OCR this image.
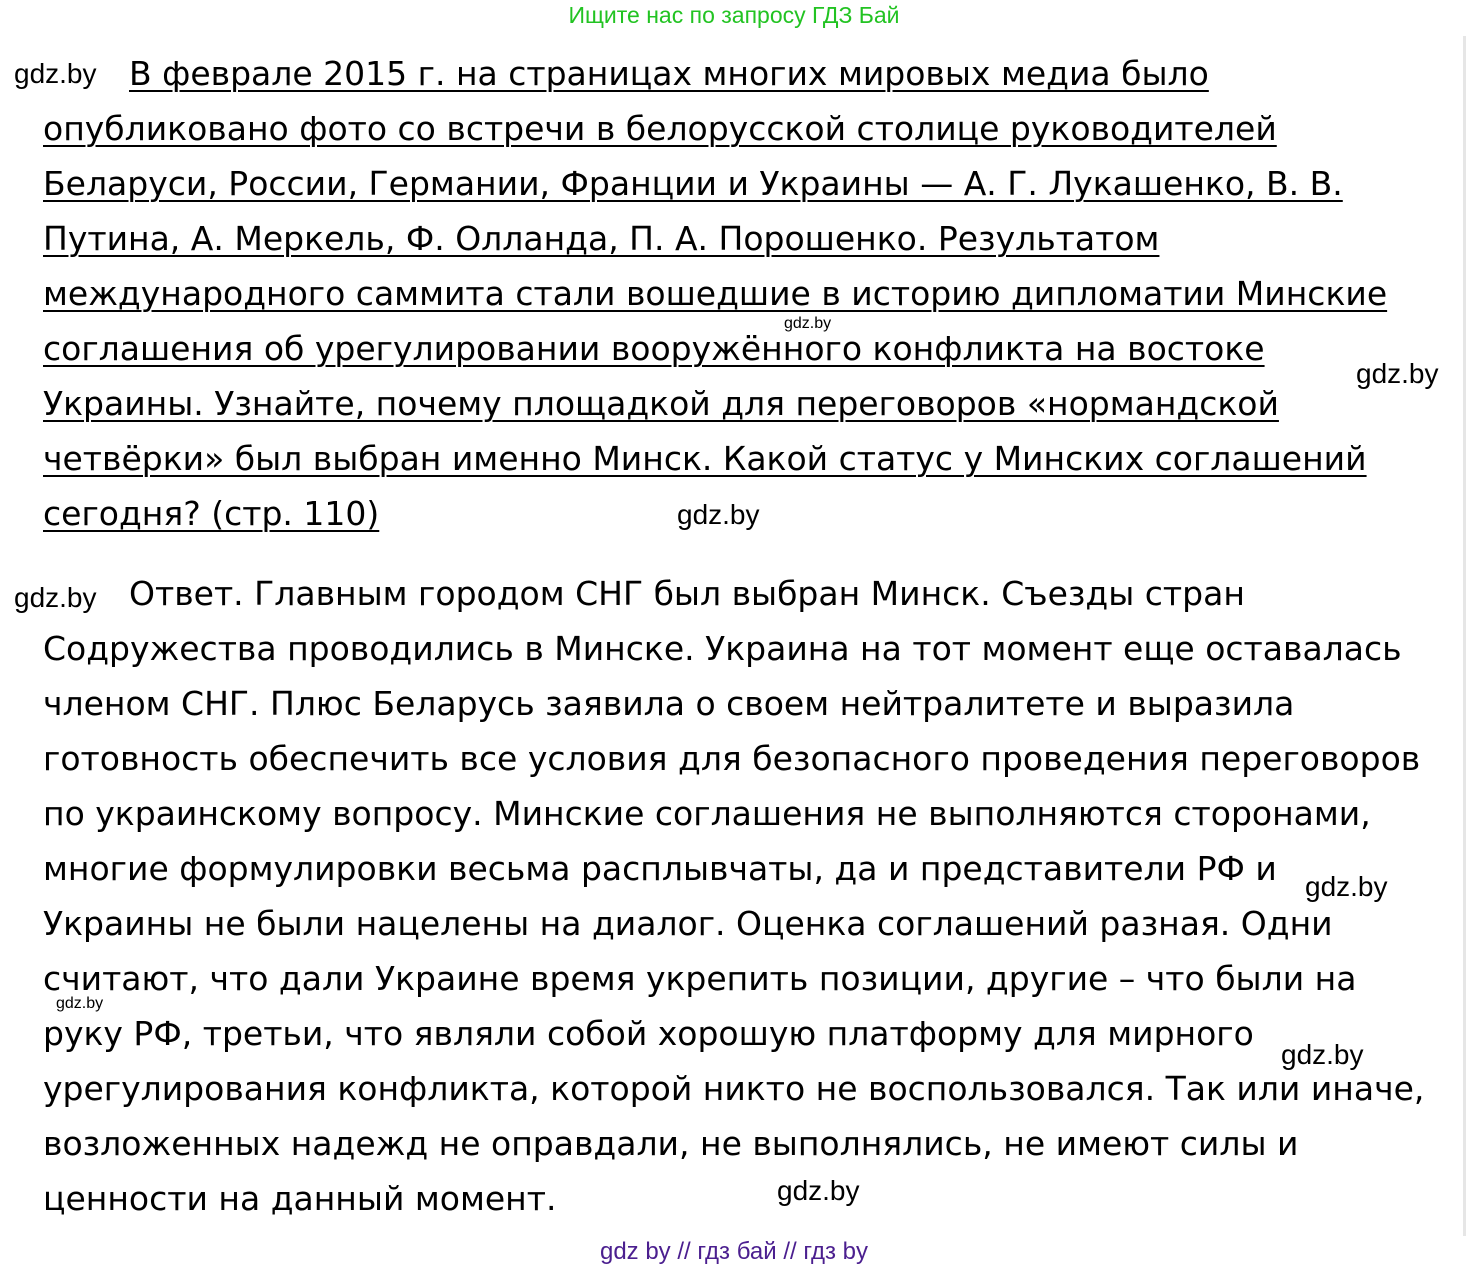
Ищите нас по запросу ГДЗ Бай
В феврале 2015 г. на страницах многих мировых медиа было
опубликовано фото со встречи в белорусской столице руководителей
Беларуси, России, Германии, Франции и Украины — А. Г. Лукашенко, В. В.
Путина, А. Меркель, Ф. Олланда, П. А. Порошенко. Результатом
международного саммита стали вошедшие в историю дипломатии Минские
соглашения об урегулировании вооружённого конфликта на востоке
Украины. Узнайте, почему площадкой для переговоров «нормандской
четвёрки» был выбран именно Минск. Какой статус у Минских соглашений
сегодня? (стр. 110)
Ответ. Главным городом СНГ был выбран Минск. Съезды стран
Содружества проводились в Минске. Украина на тот момент еще оставалась
членом СНГ. Плюс Беларусь заявила о своем нейтралитете и выразила
готовность обеспечить все условия для безопасного проведения переговоров
по украинскому вопросу. Минские соглашения не выполняются сторонами,
многие формулировки весьма расплывчаты, да и представители РФ и
Украины не были нацелены на диалог. Оценка соглашений разная. Одни
считают, что дали Украине время укрепить позиции, другие – что были на
руку РФ, третьи, что являли собой хорошую платформу для мирного
урегулирования конфликта, которой никто не воспользовался. Так или иначе,
возложенных надежд не оправдали, не выполнялись, не имеют силы и
ценности на данный момент.
gdz.by
gdz.by
gdz.by
gdz.by
gdz.by
gdz.by
gdz.by
gdz.by
gdz.by
gdz by // гдз бай // гдз by
